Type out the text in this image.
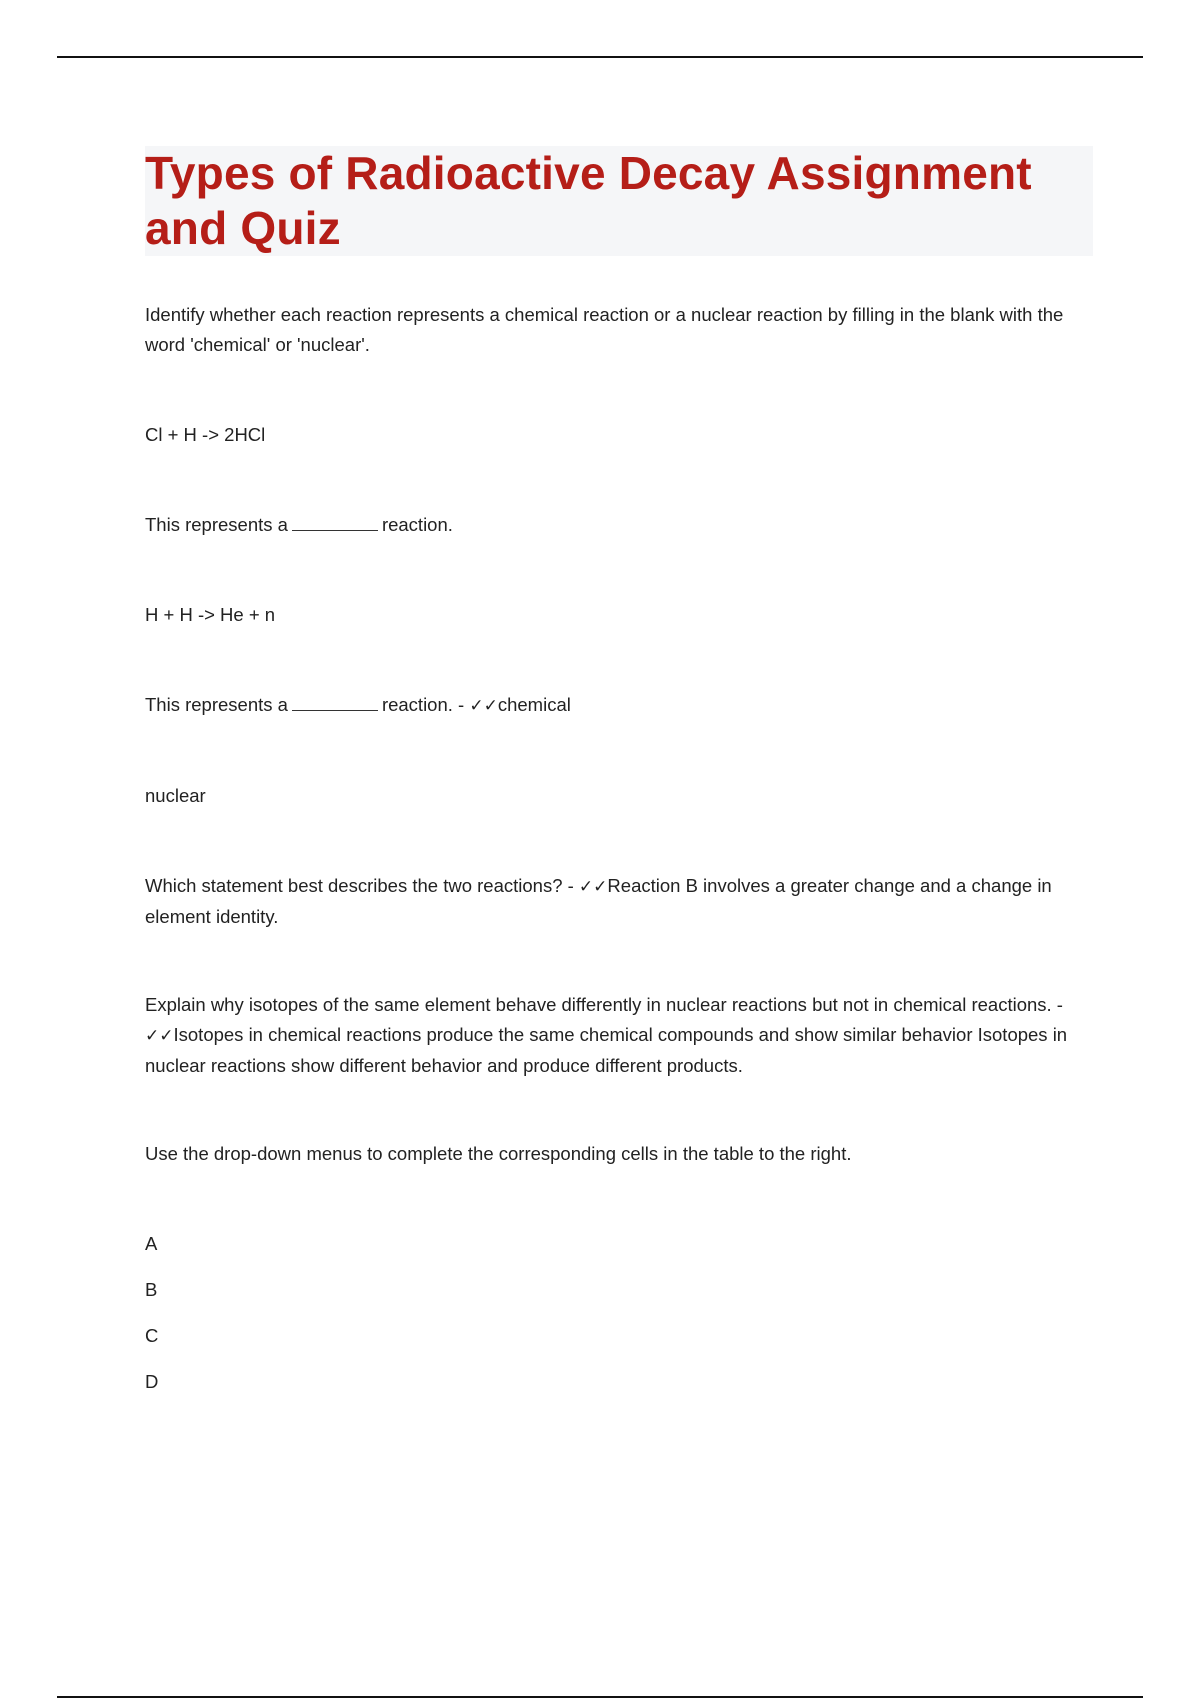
Types of Radioactive Decay Assignment and Quiz

Identify whether each reaction represents a chemical reaction or a nuclear reaction by filling in the blank with the word 'chemical' or 'nuclear'.

Cl + H -> 2HCl

This represents a	reaction.

H + H -> He + n

This represents a	reaction. - ✓✓chemical

nuclear

Which statement best describes the two reactions? - ✓✓Reaction B involves a greater change and a change in element identity.

Explain why isotopes of the same element behave differently in nuclear reactions but not in chemical reactions. - ✓✓Isotopes in chemical reactions produce the same chemical compounds and show similar behavior Isotopes in nuclear reactions show different behavior and produce different products.

Use the drop-down menus to complete the corresponding cells in the table to the right.

A

B

C

D
